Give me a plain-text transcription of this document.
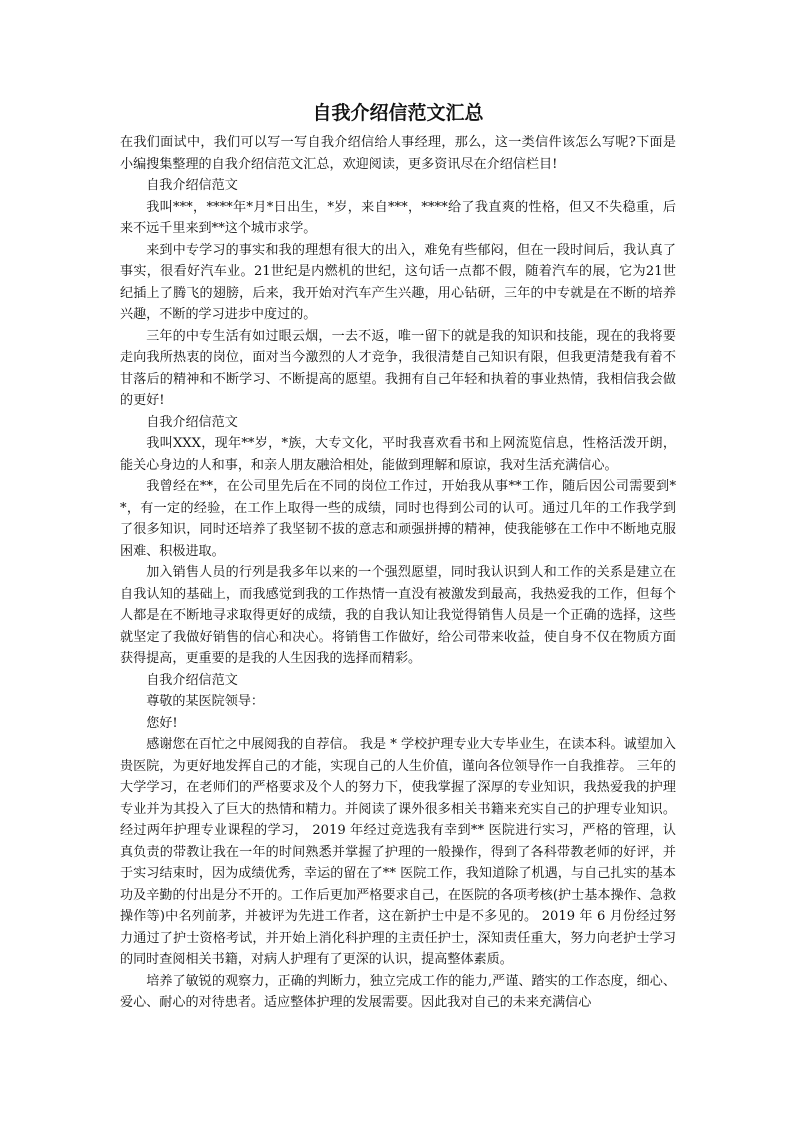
自我介绍信范文汇总

在我们面试中，我们可以写一写自我介绍信给人事经理，那么，这一类信件该怎么写呢?下面是小编搜集整理的自我介绍信范文汇总，欢迎阅读，更多资讯尽在介绍信栏目!

自我介绍信范文

我叫***，****年*月*日出生，*岁，来自***，****给了我直爽的性格，但又不失稳重，后来不远千里来到**这个城市求学。

来到中专学习的事实和我的理想有很大的出入，难免有些郁闷，但在一段时间后，我认真了事实，很看好汽车业。21世纪是内燃机的世纪，这句话一点都不假，随着汽车的展，它为21世纪插上了腾飞的翅膀，后来，我开始对汽车产生兴趣，用心钻研，三年的中专就是在不断的培养兴趣，不断的学习进步中度过的。

三年的中专生活有如过眼云烟，一去不返，唯一留下的就是我的知识和技能，现在的我将要走向我所热衷的岗位，面对当今激烈的人才竞争，我很清楚自己知识有限，但我更清楚我有着不甘落后的精神和不断学习、不断提高的愿望。我拥有自己年轻和执着的事业热情，我相信我会做的更好!

自我介绍信范文

我叫XXX，现年**岁，*族，大专文化，平时我喜欢看书和上网流览信息，性格活泼开朗，能关心身边的人和事，和亲人朋友融洽相处，能做到理解和原谅，我对生活充满信心。

我曾经在**，在公司里先后在不同的岗位工作过，开始我从事**工作，随后因公司需要到**，有一定的经验，在工作上取得一些的成绩，同时也得到公司的认可。通过几年的工作我学到了很多知识，同时还培养了我坚韧不拔的意志和顽强拼搏的精神，使我能够在工作中不断地克服困难、积极进取。

加入销售人员的行列是我多年以来的一个强烈愿望，同时我认识到人和工作的关系是建立在自我认知的基础上，而我感觉到我的工作热情一直没有被激发到最高，我热爱我的工作，但每个人都是在不断地寻求取得更好的成绩，我的自我认知让我觉得销售人员是一个正确的选择，这些就坚定了我做好销售的信心和决心。将销售工作做好，给公司带来收益，使自身不仅在物质方面获得提高，更重要的是我的人生因我的选择而精彩。

自我介绍信范文

尊敬的某医院领导：

您好!

感谢您在百忙之中展阅我的自荐信。 我是 * 学校护理专业大专毕业生，在读本科。诚望加入贵医院，为更好地发挥自己的才能，实现自己的人生价值，谨向各位领导作一自我推荐。 三年的大学学习，在老师们的严格要求及个人的努力下，使我掌握了深厚的专业知识，我热爱我的护理专业并为其投入了巨大的热情和精力。并阅读了课外很多相关书籍来充实自己的护理专业知识。经过两年护理专业课程的学习， 2019 年经过竞选我有幸到** 医院进行实习，严格的管理，认真负责的带教让我在一年的时间熟悉并掌握了护理的一般操作，得到了各科带教老师的好评，并于实习结束时，因为成绩优秀，幸运的留在了** 医院工作，我知道除了机遇，与自己扎实的基本功及辛勤的付出是分不开的。工作后更加严格要求自己，在医院的各项考核(护士基本操作、急救操作等)中名列前茅，并被评为先进工作者，这在新护士中是不多见的。 2019 年 6 月份经过努力通过了护士资格考试，并开始上消化科护理的主责任护士，深知责任重大，努力向老护士学习的同时查阅相关书籍，对病人护理有了更深的认识，提高整体素质。

培养了敏锐的观察力，正确的判断力，独立完成工作的能力,严谨、踏实的工作态度，细心、爱心、耐心的对待患者。适应整体护理的发展需要。因此我对自己的未来充满信心
